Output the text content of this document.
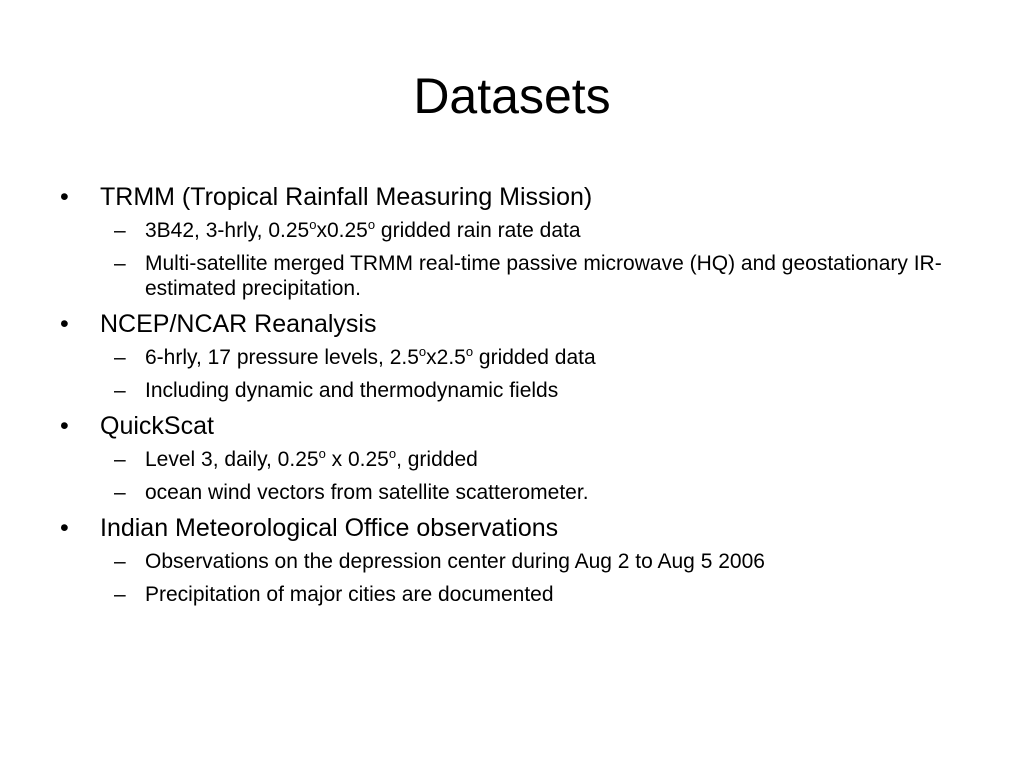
Datasets
• TRMM (Tropical Rainfall Measuring Mission)
– 3B42, 3-hrly, 0.25$^o$x0.25$^o$ gridded rain rate data
– Multi-satellite merged TRMM real-time passive microwave (HQ) and geostationary IR-estimated precipitation.
• NCEP/NCAR Reanalysis
– 6-hrly, 17 pressure levels, 2.5$^o$x2.5$^o$ gridded data
– Including dynamic and thermodynamic fields
• QuickScat
– Level 3, daily, 0.25$^o$ x 0.25$^o$, gridded
– ocean wind vectors from satellite scatterometer.
• Indian Meteorological Office observations
– Observations on the depression center during Aug 2 to Aug 5 2006
– Precipitation of major cities are documented
